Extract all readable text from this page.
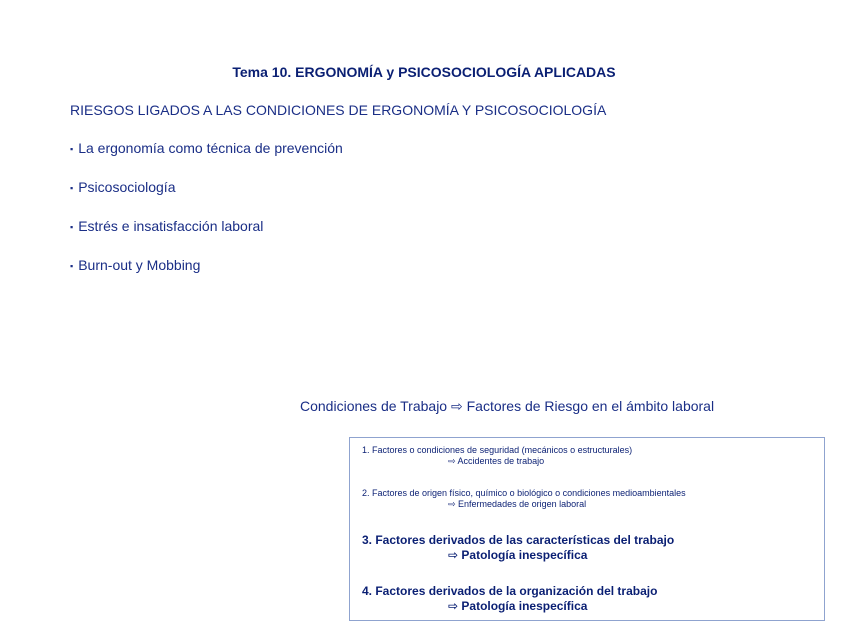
Tema 10. ERGONOMÍA y PSICOSOCIOLOGÍA APLICADAS
RIESGOS LIGADOS A LAS CONDICIONES DE ERGONOMÍA Y PSICOSOCIOLOGÍA
▪ La ergonomía como técnica de prevención
▪ Psicosociología
▪ Estrés e insatisfacción laboral
▪ Burn-out y Mobbing
Condiciones de Trabajo ⇨ Factores de Riesgo en el ámbito laboral
1. Factores o condiciones de seguridad (mecánicos o estructurales)
⇨ Accidentes de trabajo
2. Factores de origen físico, químico o biológico o condiciones medioambientales
⇨ Enfermedades de origen laboral
3. Factores derivados de las características del trabajo
⇨ Patología inespecífica
4. Factores derivados de la organización del trabajo
⇨ Patología inespecífica
